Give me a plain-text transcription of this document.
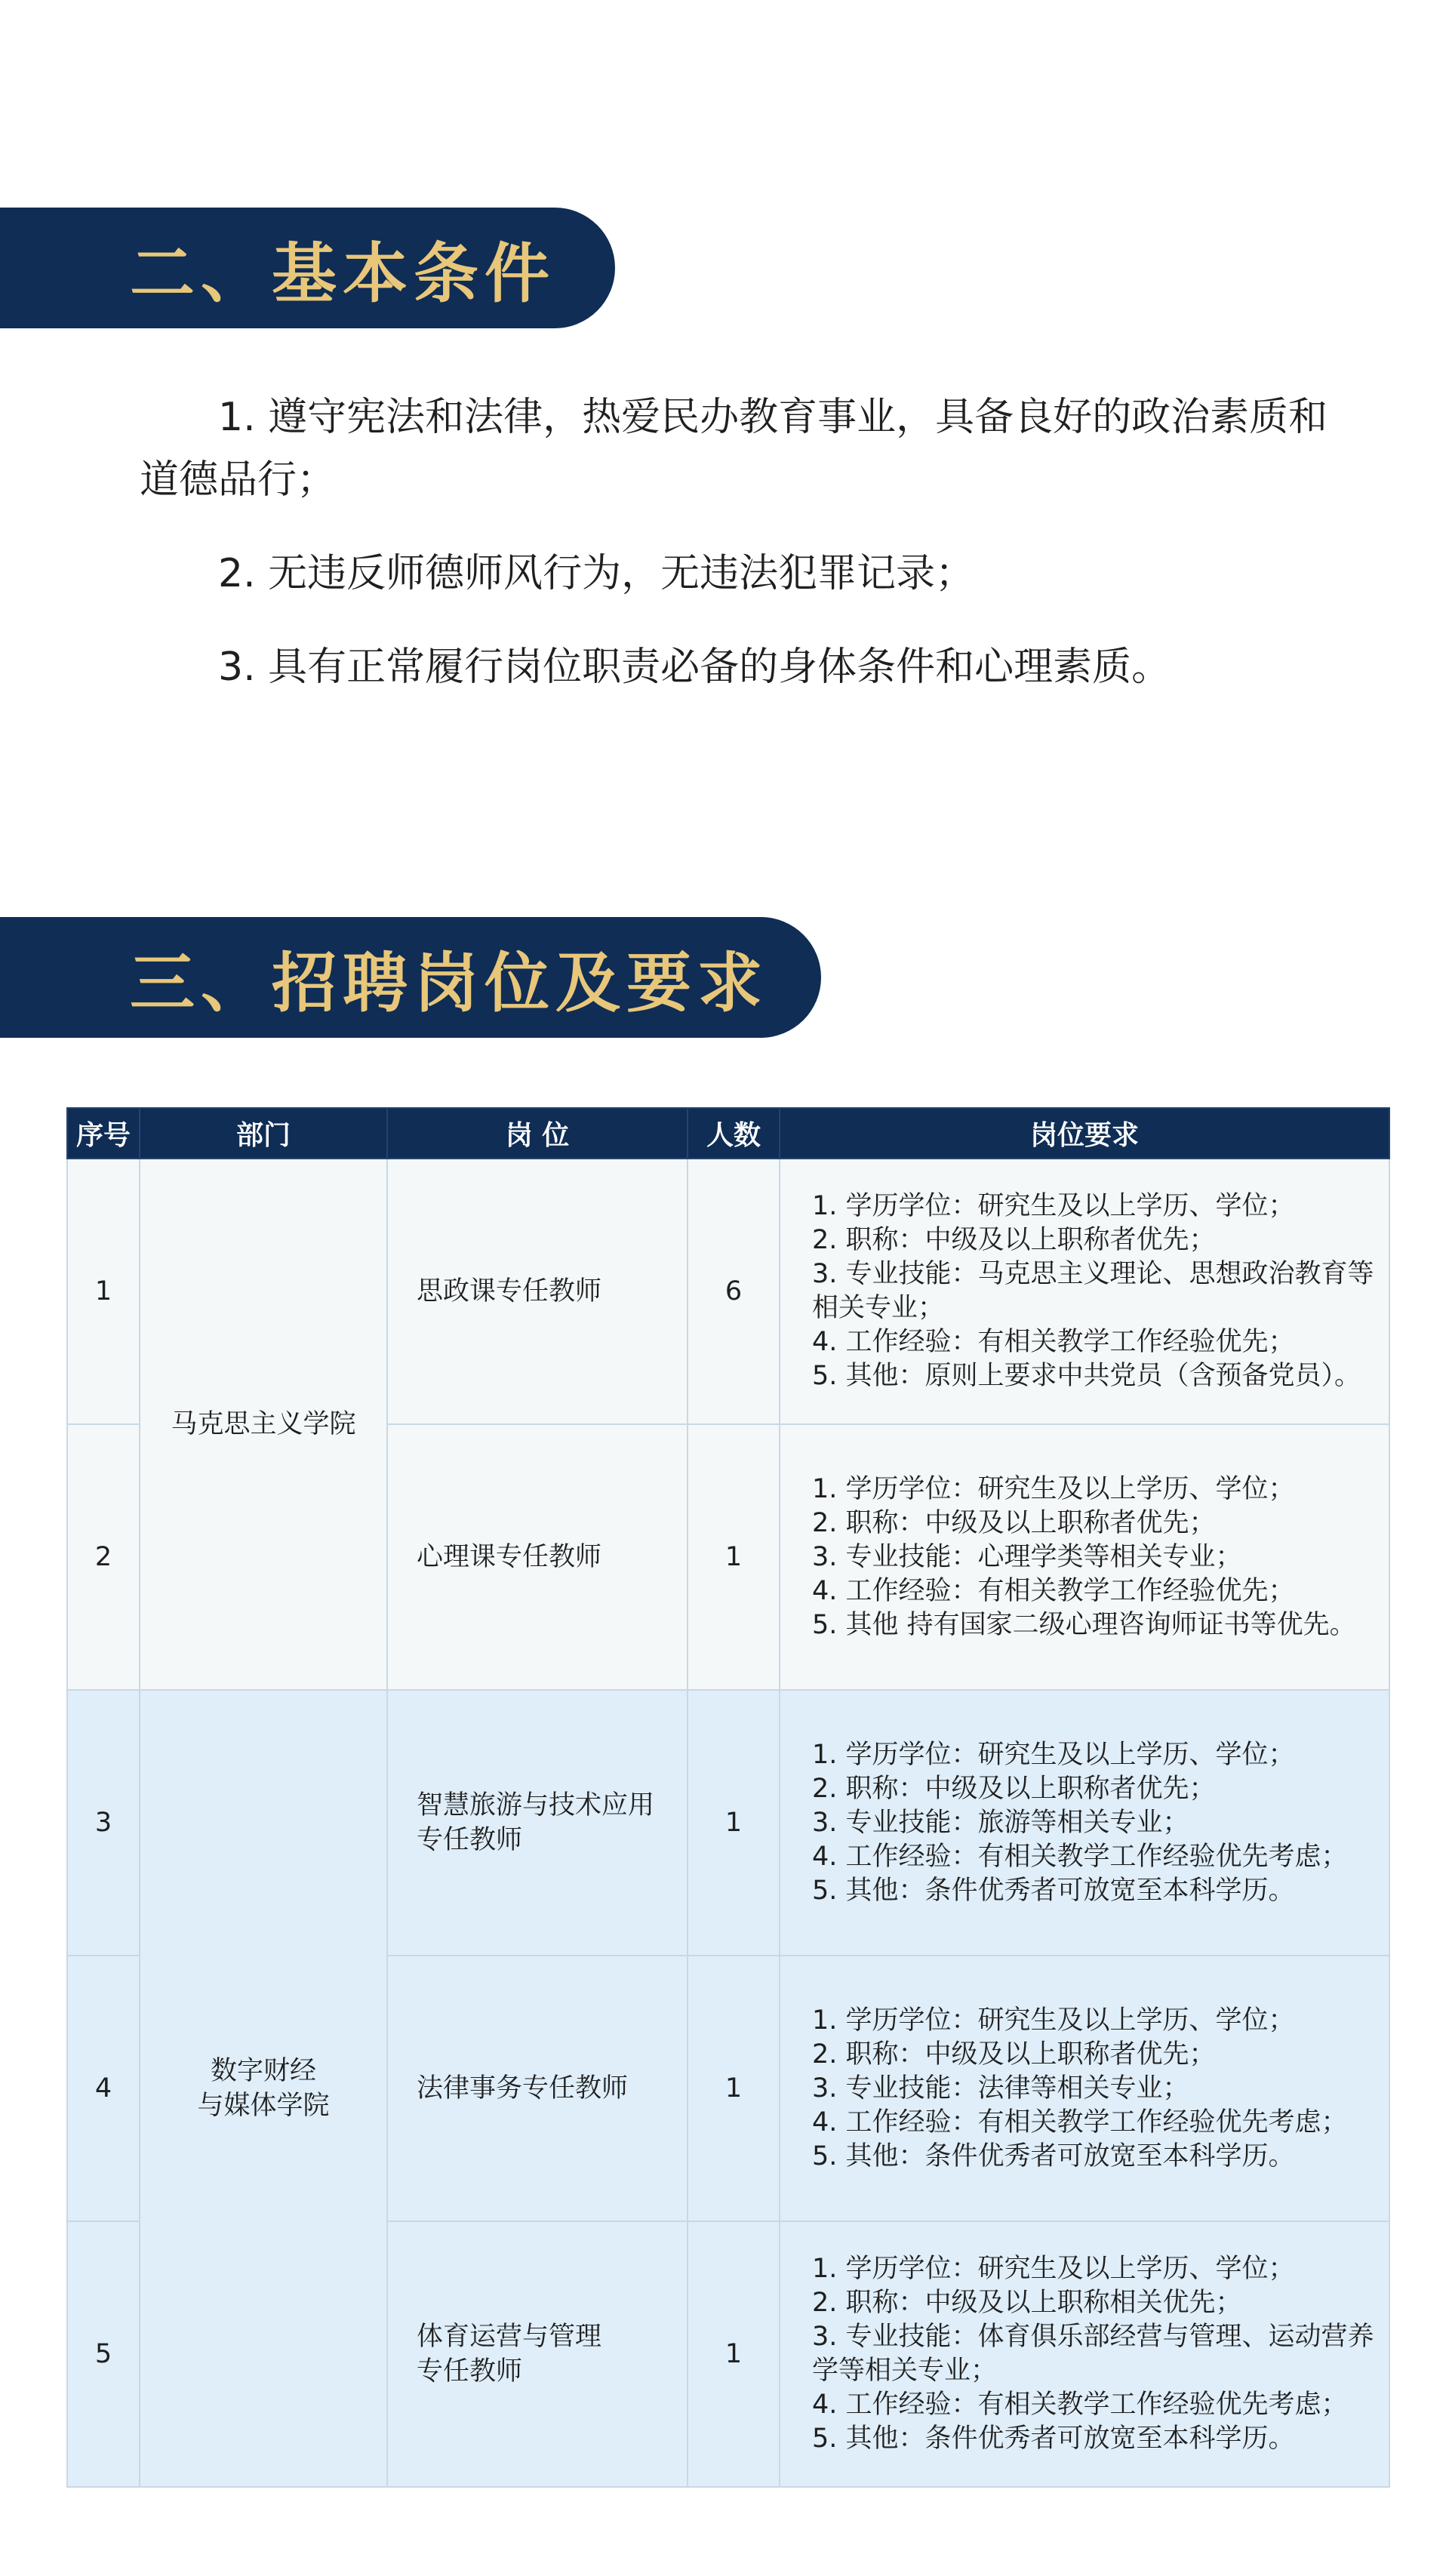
二、基本条件

1. 遵守宪法和法律，热爱民办教育事业，具备良好的政治素质和道德品行；

2. 无违反师德师风行为，无违法犯罪记录；

3. 具有正常履行岗位职责必备的身体条件和心理素质。

三、招聘岗位及要求
序号	部门	岗 位	人数	岗位要求
1	马克思主义学院	思政课专任教师	6	1. 学历学位：研究生及以上学历、学位；
2. 职称：中级及以上职称者优先；
3. 专业技能：马克思主义理论、思想政治教育等相关专业；
4. 工作经验：有相关教学工作经验优先；
5. 其他：原则上要求中共党员（含预备党员）。

2		心理课专任教师	1	1. 学历学位：研究生及以上学历、学位；
2. 职称：中级及以上职称者优先；
3. 专业技能：心理学类等相关专业；
4. 工作经验：有相关教学工作经验优先；
5. 其他 持有国家二级心理咨询师证书等优先。

3	数字财经
与媒体学院	智慧旅游与技术应用
专任教师	1	1. 学历学位：研究生及以上学历、学位；
2. 职称：中级及以上职称者优先；
3. 专业技能：旅游等相关专业；
4. 工作经验：有相关教学工作经验优先考虑；
5. 其他：条件优秀者可放宽至本科学历。

4		法律事务专任教师	1	1. 学历学位：研究生及以上学历、学位；
2. 职称：中级及以上职称者优先；
3. 专业技能：法律等相关专业；
4. 工作经验：有相关教学工作经验优先考虑；
5. 其他：条件优秀者可放宽至本科学历。

5		体育运营与管理
专任教师	1	1. 学历学位：研究生及以上学历、学位；
2. 职称：中级及以上职称相关优先；
3. 专业技能：体育俱乐部经营与管理、运动营养学等相关专业；
4. 工作经验：有相关教学工作经验优先考虑；
5. 其他：条件优秀者可放宽至本科学历。
